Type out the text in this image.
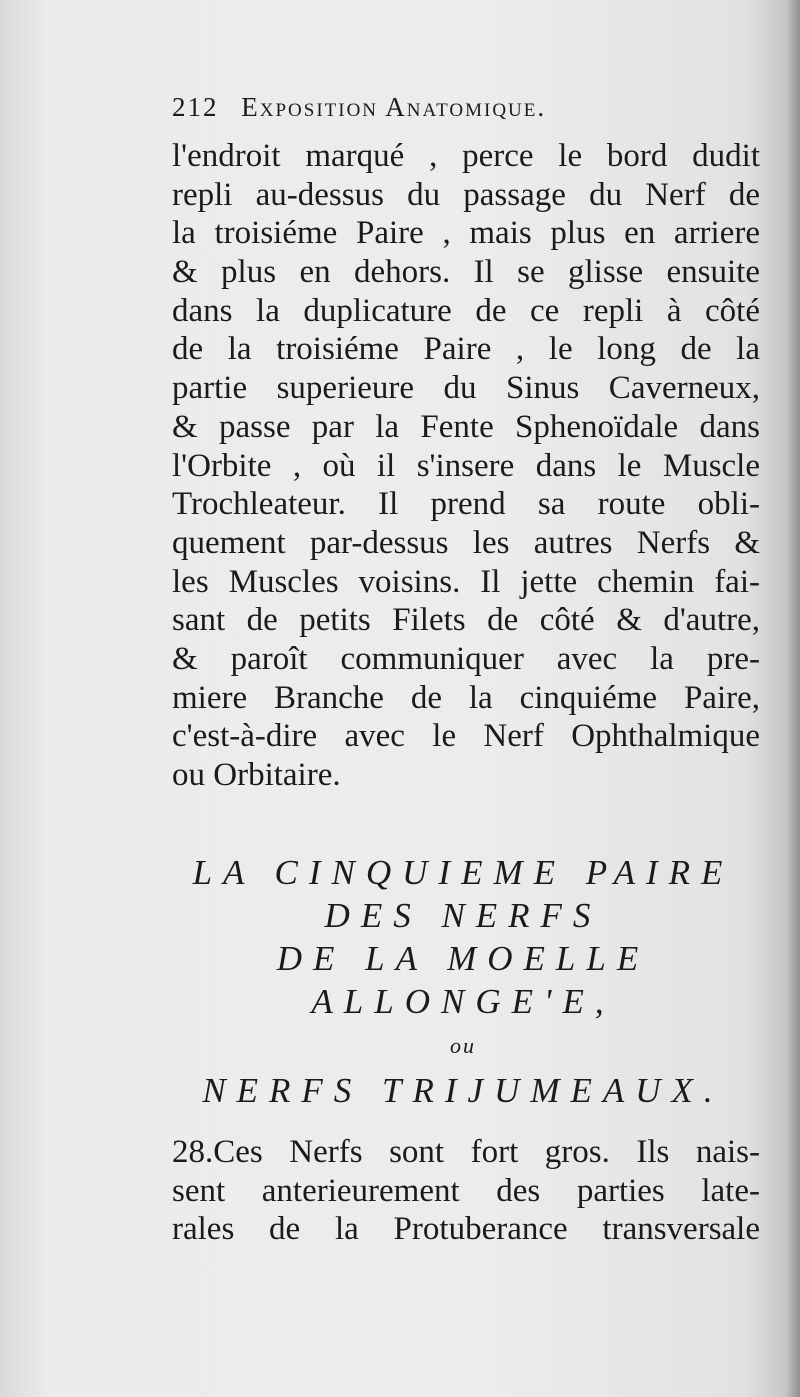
212 Exposition Anatomique.
l'endroit marqué , perce le bord dudit
repli au-dessus du passage du Nerf de
la troisiéme Paire , mais plus en arriere
& plus en dehors. Il se glisse ensuite
dans la duplicature de ce repli à côté
de la troisiéme Paire , le long de la
partie superieure du Sinus Caverneux,
& passe par la Fente Sphenoïdale dans
l'Orbite , où il s'insere dans le Muscle
Trochleateur. Il prend sa route obli-
quement par-dessus les autres Nerfs &
les Muscles voisins. Il jette chemin fai-
sant de petits Filets de côté & d'autre,
& paroît communiquer avec la pre-
miere Branche de la cinquiéme Paire,
c'est-à-dire avec le Nerf Ophthalmique
ou Orbitaire.
LA CINQUIEME PAIRE
DES NERFS
DE LA MOELLE
ALLONGE'E,
ou
NERFS TRIJUMEAUX.
28.Ces Nerfs sont fort gros. Ils nais-
sent anterieurement des parties late-
rales de la Protuberance transversale
